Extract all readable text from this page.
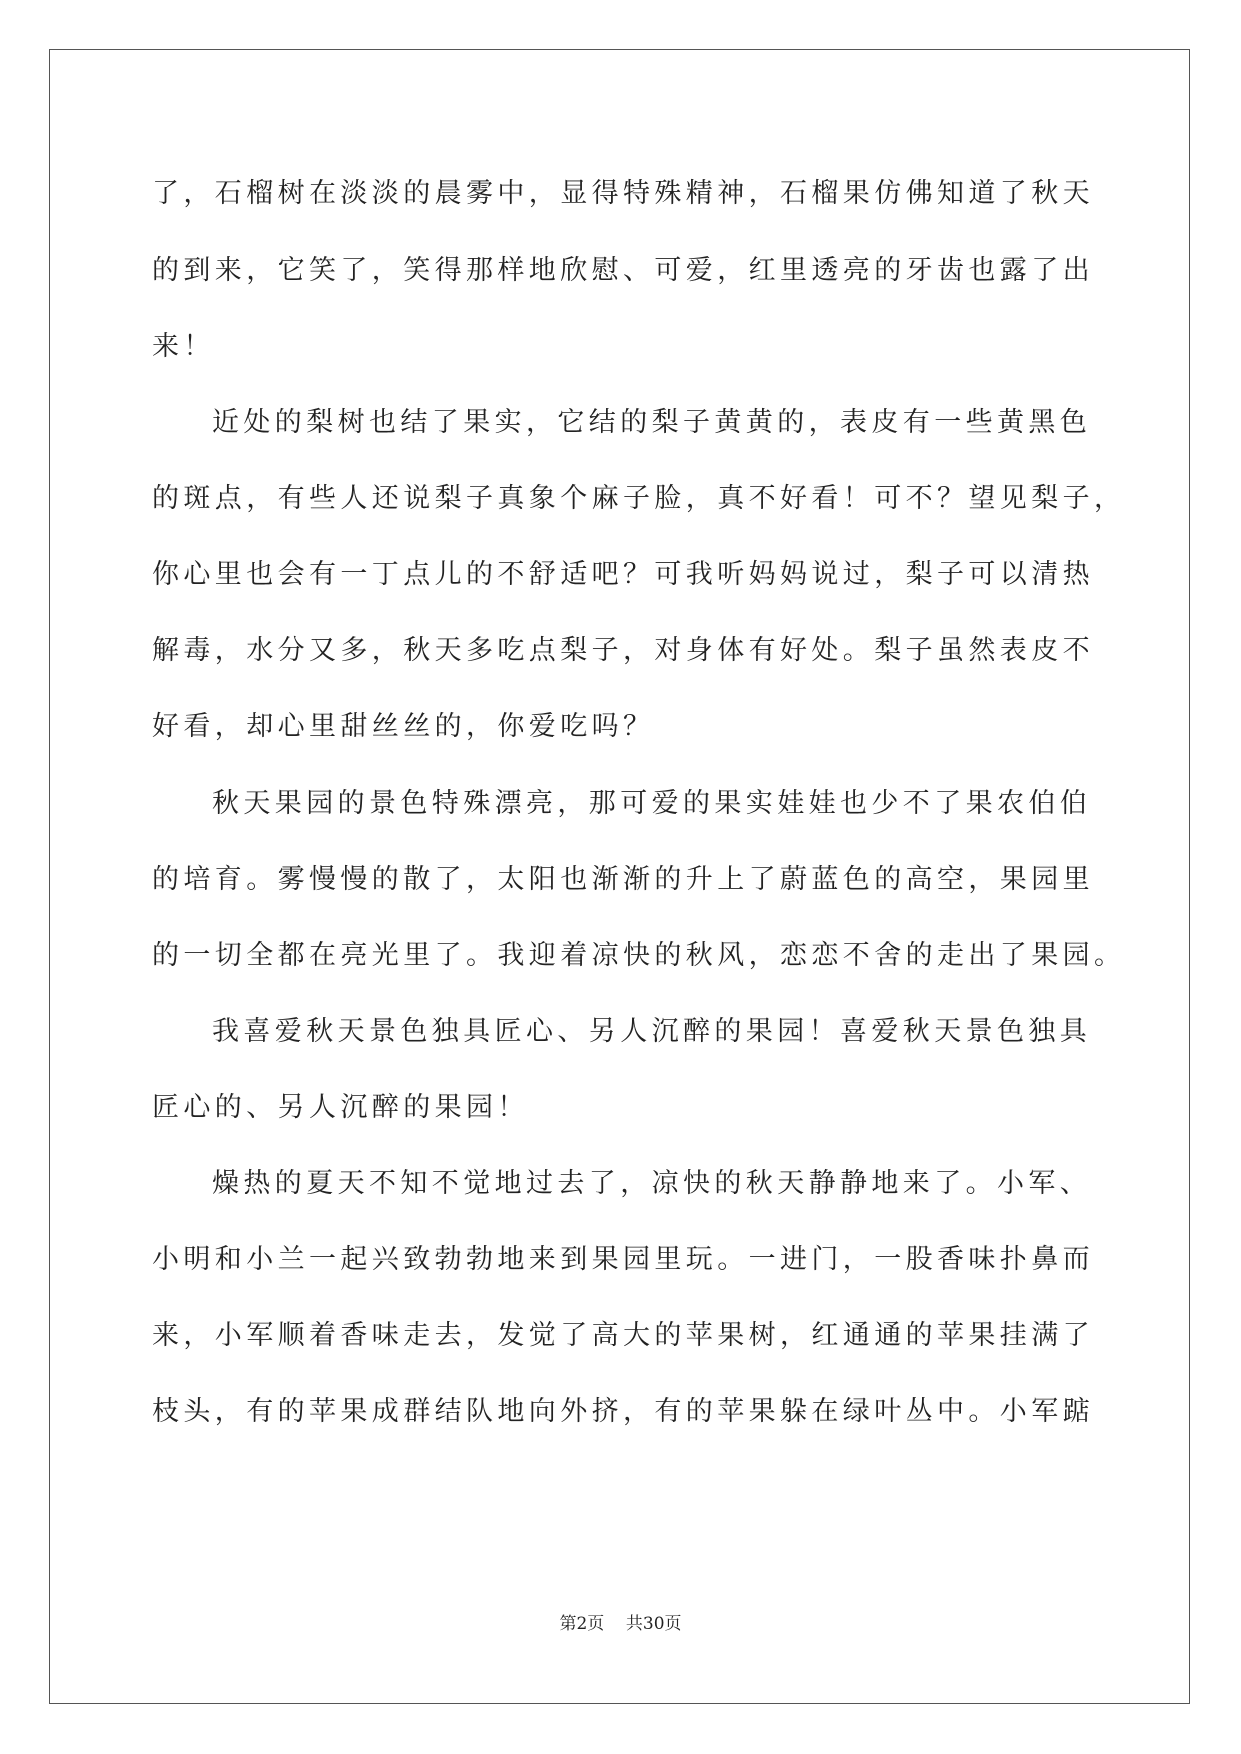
了，石榴树在淡淡的晨雾中，显得特殊精神，石榴果仿佛知道了秋天
的到来，它笑了，笑得那样地欣慰、可爱，红里透亮的牙齿也露了出
来！
近处的梨树也结了果实，它结的梨子黄黄的，表皮有一些黄黑色
的斑点，有些人还说梨子真象个麻子脸，真不好看！可不？望见梨子，
你心里也会有一丁点儿的不舒适吧？可我听妈妈说过，梨子可以清热
解毒，水分又多，秋天多吃点梨子，对身体有好处。梨子虽然表皮不
好看，却心里甜丝丝的，你爱吃吗？
秋天果园的景色特殊漂亮，那可爱的果实娃娃也少不了果农伯伯
的培育。雾慢慢的散了，太阳也渐渐的升上了蔚蓝色的高空，果园里
的一切全都在亮光里了。我迎着凉快的秋风，恋恋不舍的走出了果园。
我喜爱秋天景色独具匠心、另人沉醉的果园！喜爱秋天景色独具
匠心的、另人沉醉的果园！
燥热的夏天不知不觉地过去了，凉快的秋天静静地来了。小军、
小明和小兰一起兴致勃勃地来到果园里玩。一进门，一股香味扑鼻而
来，小军顺着香味走去，发觉了高大的苹果树，红通通的苹果挂满了
枝头，有的苹果成群结队地向外挤，有的苹果躲在绿叶丛中。小军踮
第2页 共30页
